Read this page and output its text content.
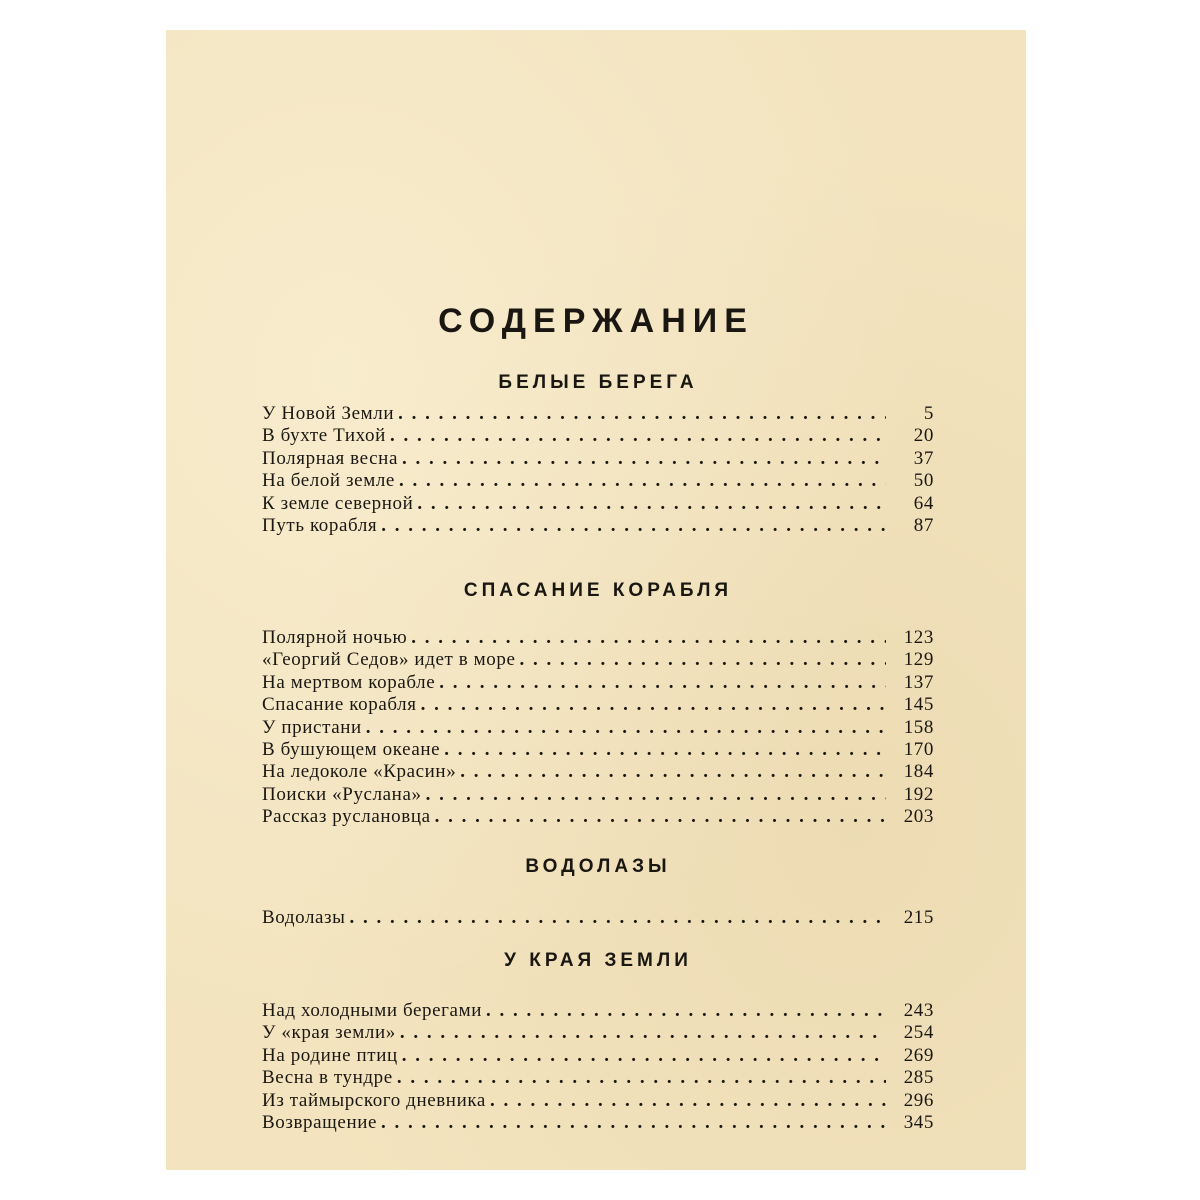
СОДЕРЖАНИЕ
БЕЛЫЕ БЕРЕГА
У Новой Земли . . .	5
В бухте Тихой . . .	20
Полярная весна . . .	37
На белой земле . . .	50
К земле северной . . .	64
Путь корабля . . .	87
СПАСАНИЕ КОРАБЛЯ
Полярной ночью . . .	123
«Георгий Седов» идет в море . . .	129
На мертвом корабле . . .	137
Спасание корабля . . .	145
У пристани . . .	158
В бушующем океане . . .	170
На ледоколе «Красин» . . .	184
Поиски «Руслана» . . .	192
Рассказ руслановца . . .	203
ВОДОЛАЗЫ
Водолазы . . .	215
У КРАЯ ЗЕМЛИ
Над холодными берегами . . .	243
У «края земли» . . .	254
На родине птиц . . .	269
Весна в тундре . . .	285
Из таймырского дневника . . .	296
Возвращение . . .	345
